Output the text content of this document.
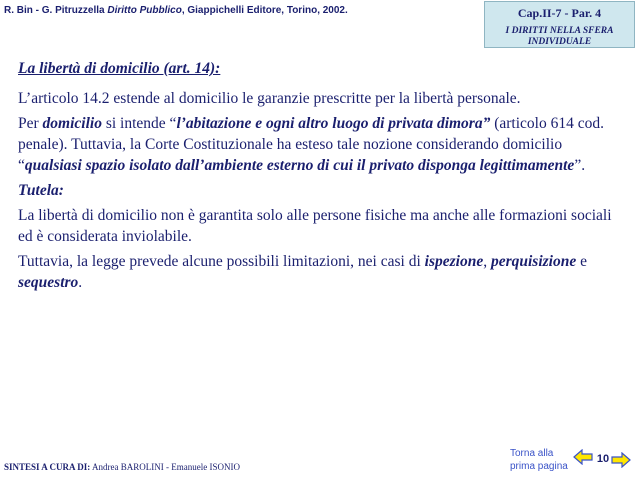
R. Bin - G. Pitruzzella Diritto Pubblico, Giappichelli Editore, Torino, 2002.	Cap.II-7 - Par. 4
I DIRITTI NELLA SFERA INDIVIDUALE

La libertà di domicilio (art. 14):

L’articolo 14.2 estende al domicilio le garanzie prescritte per la libertà personale.

Per domicilio si intende “l’abitazione e ogni altro luogo di privata dimora” (articolo 614 cod. penale). Tuttavia, la Corte Costituzionale ha esteso tale nozione considerando domicilio “qualsiasi spazio isolato dall’ambiente esterno di cui il privato disponga legittimamente”.

Tutela:

La libertà di domicilio non è garantita solo alle persone fisiche ma anche alle formazioni sociali ed è considerata inviolabile.

Tuttavia, la legge prevede alcune possibili limitazioni, nei casi di ispezione, perquisizione e sequestro.

SINTESI A CURA DI: Andrea BAROLINI - Emanuele ISONIO
Torna alla prima pagina
10
